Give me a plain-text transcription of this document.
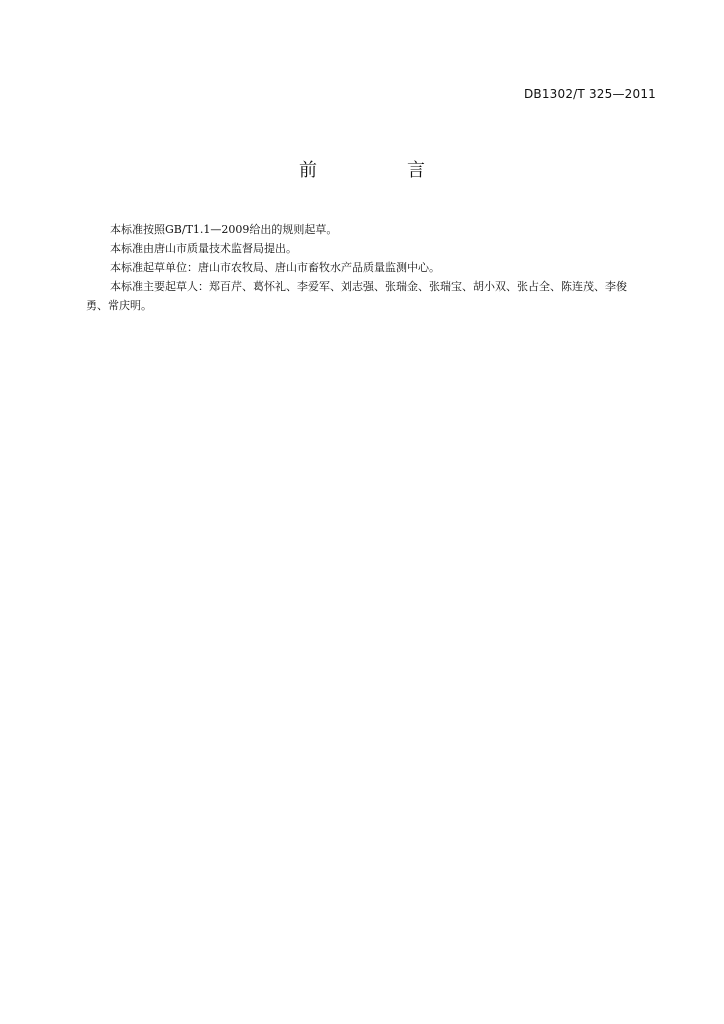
DB1302/T 325—2011
前　言

本标准按照GB/T1.1—2009给出的规则起草。

本标准由唐山市质量技术监督局提出。

本标准起草单位：唐山市农牧局、唐山市畜牧水产品质量监测中心。

本标准主要起草人：郑百芹、葛怀礼、李爱军、刘志强、张瑞金、张瑞宝、胡小双、张占全、陈连茂、李俊勇、常庆明。
